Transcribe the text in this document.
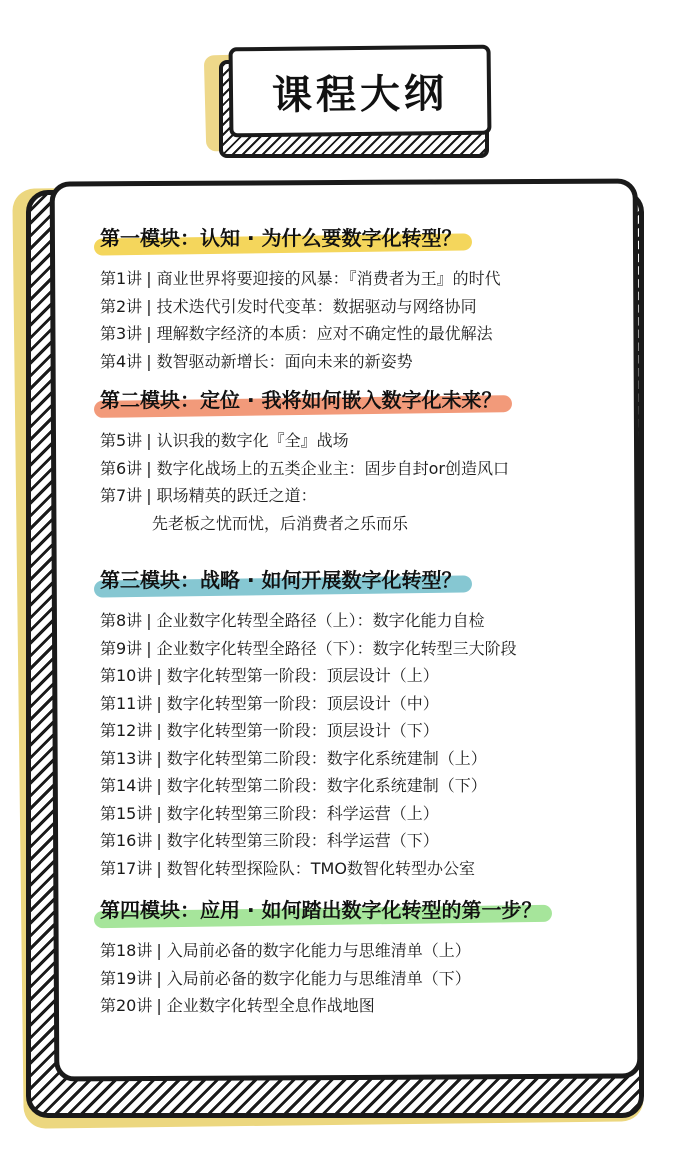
课程大纲
第一模块：认知 · 为什么要数字化转型？
第1讲 | 商业世界将要迎接的风暴：『消费者为王』的时代
第2讲 | 技术迭代引发时代变革：数据驱动与网络协同
第3讲 | 理解数字经济的本质：应对不确定性的最优解法
第4讲 | 数智驱动新增长：面向未来的新姿势
第二模块：定位 · 我将如何嵌入数字化未来？
第5讲 | 认识我的数字化『全』战场
第6讲 | 数字化战场上的五类企业主：固步自封or创造风口
第7讲 | 职场精英的跃迁之道：
先老板之忧而忧，后消费者之乐而乐
第三模块：战略 · 如何开展数字化转型？
第8讲 | 企业数字化转型全路径（上）：数字化能力自检
第9讲 | 企业数字化转型全路径（下）：数字化转型三大阶段
第10讲 | 数字化转型第一阶段：顶层设计（上）
第11讲 | 数字化转型第一阶段：顶层设计（中）
第12讲 | 数字化转型第一阶段：顶层设计（下）
第13讲 | 数字化转型第二阶段：数字化系统建制（上）
第14讲 | 数字化转型第二阶段：数字化系统建制（下）
第15讲 | 数字化转型第三阶段：科学运营（上）
第16讲 | 数字化转型第三阶段：科学运营（下）
第17讲 | 数智化转型探险队：TMO数智化转型办公室
第四模块：应用 · 如何踏出数字化转型的第一步？
第18讲 | 入局前必备的数字化能力与思维清单（上）
第19讲 | 入局前必备的数字化能力与思维清单（下）
第20讲 | 企业数字化转型全息作战地图
